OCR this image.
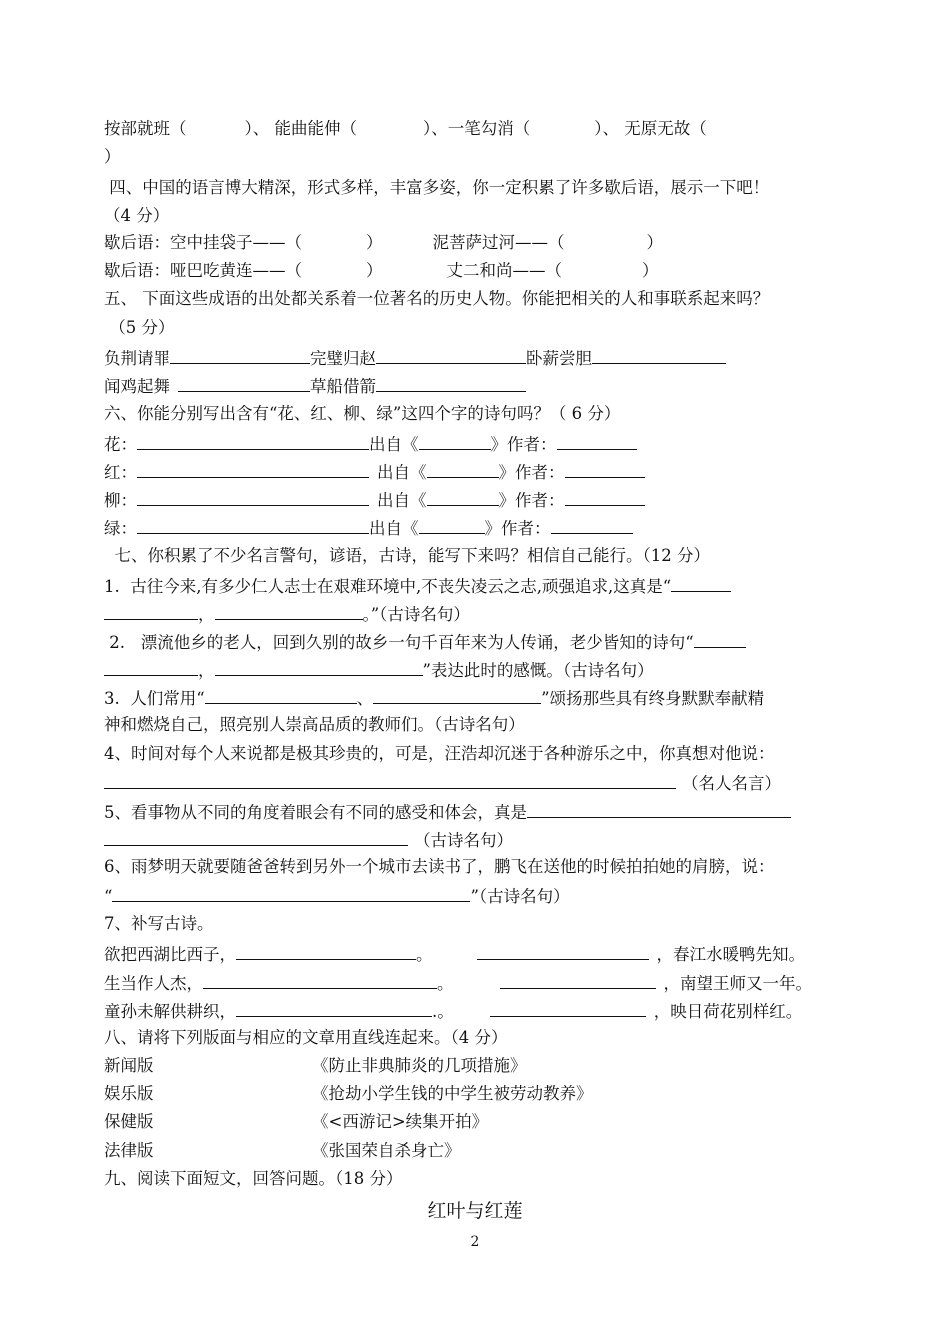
按部就班（	）、 能曲能伸（	）、一笔勾消（	）、 无原无故（
）
四、中国的语言博大精深，形式多样，丰富多姿，你一定积累了许多歇后语，展示一下吧！
（4 分）
歇后语：空中挂袋子——（	）	泥菩萨过河——（	）
歇后语：哑巴吃黄连——（	）	丈二和尚——（	）
五、 下面这些成语的出处都关系着一位著名的历史人物。你能把相关的人和事联系起来吗？
（5 分）
负荆请罪	完璧归赵	卧薪尝胆
闻鸡起舞	草船借箭
六、你能分别写出含有“花、红、柳、绿”这四个字的诗句吗？（ 6 分）
花：	出自《	》作者：
红：	出自《	》作者：
柳：	出自《	》作者：
绿：	出自《	》作者：
七、你积累了不少名言警句，谚语，古诗，能写下来吗？相信自己能行。（12 分）
1.  古往今来,有多少仁人志士在艰难环境中,不丧失凌云之志,顽强追求,这真是“
，	。”（古诗名句）
2.   漂流他乡的老人，回到久别的故乡一句千百年来为人传诵，老少皆知的诗句“
，	”表达此时的感慨。（古诗名句）
3.  人们常用“	、	”颂扬那些具有终身默默奉献精
神和燃烧自己，照亮别人崇高品质的教师们。（古诗名句）
4、时间对每个人来说都是极其珍贵的，可是，汪浩却沉迷于各种游乐之中，你真想对他说：
（名人名言）
5、看事物从不同的角度着眼会有不同的感受和体会，真是
（古诗名句）
6、雨梦明天就要随爸爸转到另外一个城市去读书了，鹏飞在送他的时候拍拍她的肩膀，说：
“	”（古诗名句）
7、补写古诗。
欲把西湖比西子，	。	，春江水暖鸭先知。
生当作人杰，	。	，南望王师又一年。
童孙未解供耕织，	.。	，映日荷花别样红。
八、请将下列版面与相应的文章用直线连起来。（4 分）
新闻版	《防止非典肺炎的几项措施》
娱乐版	《抢劫小学生钱的中学生被劳动教养》
保健版	《<西游记>续集开拍》
法律版	《张国荣自杀身亡》
九、阅读下面短文，回答问题。（18 分）
红叶与红莲
2
